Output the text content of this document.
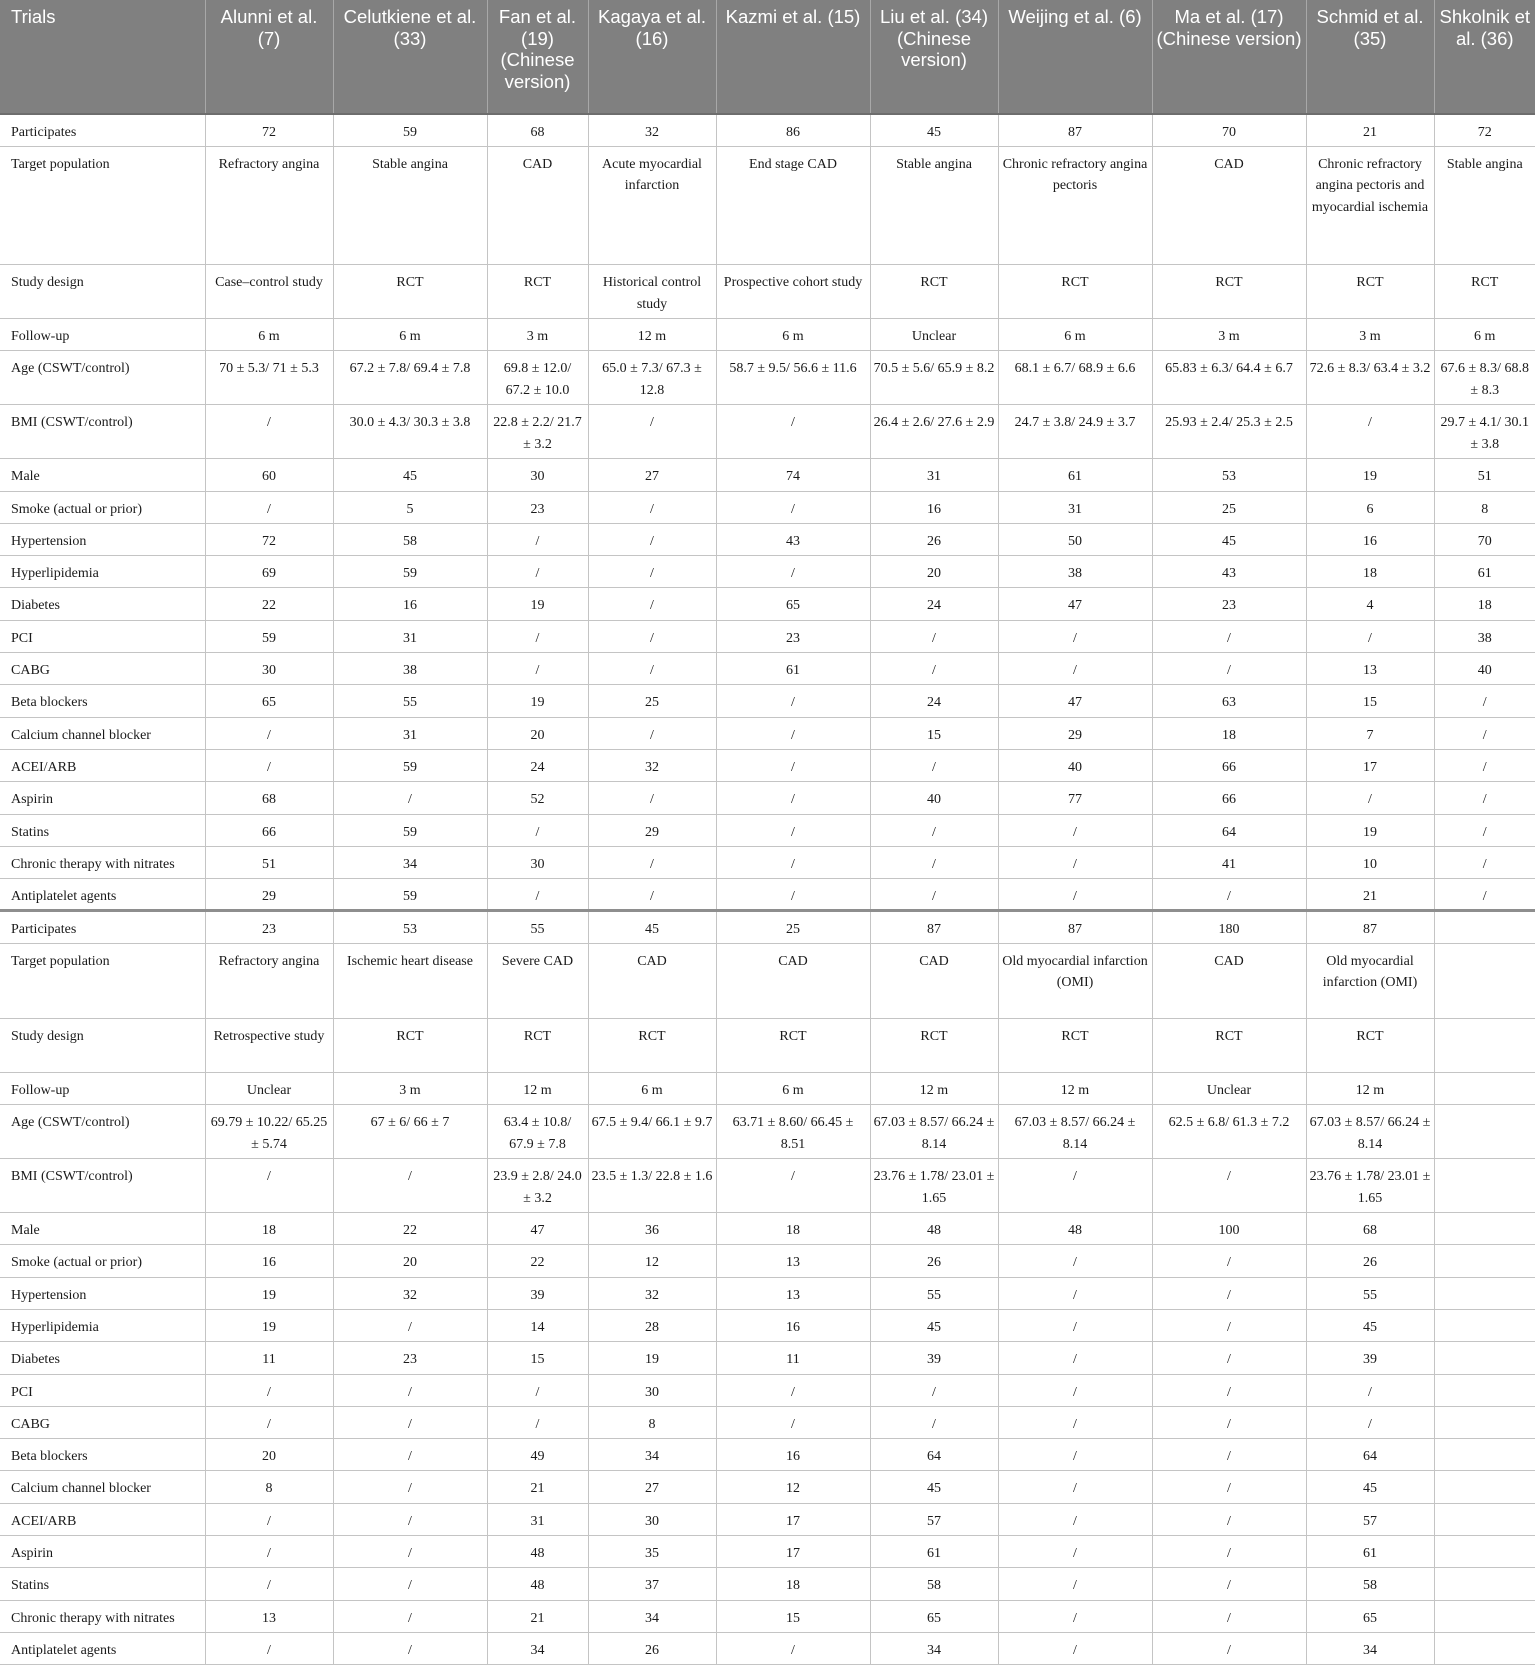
Trials	Alunni et al. (7)	Celutkiene et al. (33)	Fan et al. (19) (Chinese version)	Kagaya et al. (16)	Kazmi et al. (15)	Liu et al. (34) (Chinese version)	Weijing et al. (6)	Ma et al. (17) (Chinese version)	Schmid et al. (35)	Shkolnik et al. (36)
Participates	72	59	68	32	86	45	87	70	21	72
Target population	Refractory angina	Stable angina	CAD	Acute myocardial infarction	End stage CAD	Stable angina	Chronic refractory angina pectoris	CAD	Chronic refractory angina pectoris and myocardial ischemia	Stable angina
Study design	Case–control study	RCT	RCT	Historical control study	Prospective cohort study	RCT	RCT	RCT	RCT	RCT
Follow-up	6 m	6 m	3 m	12 m	6 m	Unclear	6 m	3 m	3 m	6 m
Age (CSWT/control)	70 ± 5.3/ 71 ± 5.3	67.2 ± 7.8/ 69.4 ± 7.8	69.8 ± 12.0/ 67.2 ± 10.0	65.0 ± 7.3/ 67.3 ± 12.8	58.7 ± 9.5/ 56.6 ± 11.6	70.5 ± 5.6/ 65.9 ± 8.2	68.1 ± 6.7/ 68.9 ± 6.6	65.83 ± 6.3/ 64.4 ± 6.7	72.6 ± 8.3/ 63.4 ± 3.2	67.6 ± 8.3/ 68.8 ± 8.3
BMI (CSWT/control)	/	30.0 ± 4.3/ 30.3 ± 3.8	22.8 ± 2.2/ 21.7 ± 3.2	/	/	26.4 ± 2.6/ 27.6 ± 2.9	24.7 ± 3.8/ 24.9 ± 3.7	25.93 ± 2.4/ 25.3 ± 2.5	/	29.7 ± 4.1/ 30.1 ± 3.8
Male	60	45	30	27	74	31	61	53	19	51
Smoke (actual or prior)	/	5	23	/	/	16	31	25	6	8
Hypertension	72	58	/	/	43	26	50	45	16	70
Hyperlipidemia	69	59	/	/	/	20	38	43	18	61
Diabetes	22	16	19	/	65	24	47	23	4	18
PCI	59	31	/	/	23	/	/	/	/	38
CABG	30	38	/	/	61	/	/	/	13	40
Beta blockers	65	55	19	25	/	24	47	63	15	/
Calcium channel blocker	/	31	20	/	/	15	29	18	7	/
ACEI/ARB	/	59	24	32	/	/	40	66	17	/
Aspirin	68	/	52	/	/	40	77	66	/	/
Statins	66	59	/	29	/	/	/	64	19	/
Chronic therapy with nitrates	51	34	30	/	/	/	/	41	10	/
Antiplatelet agents	29	59	/	/	/	/	/	/	21	/
Participates	23	53	55	45	25	87	87	180	87	
Target population	Refractory angina	Ischemic heart disease	Severe CAD	CAD	CAD	CAD	Old myocardial infarction (OMI)	CAD	Old myocardial infarction (OMI)	
Study design	Retrospective study	RCT	RCT	RCT	RCT	RCT	RCT	RCT	RCT	
Follow-up	Unclear	3 m	12 m	6 m	6 m	12 m	12 m	Unclear	12 m	
Age (CSWT/control)	69.79 ± 10.22/ 65.25 ± 5.74	67 ± 6/ 66 ± 7	63.4 ± 10.8/ 67.9 ± 7.8	67.5 ± 9.4/ 66.1 ± 9.7	63.71 ± 8.60/ 66.45 ± 8.51	67.03 ± 8.57/ 66.24 ± 8.14	67.03 ± 8.57/ 66.24 ± 8.14	62.5 ± 6.8/ 61.3 ± 7.2	67.03 ± 8.57/ 66.24 ± 8.14	
BMI (CSWT/control)	/	/	23.9 ± 2.8/ 24.0 ± 3.2	23.5 ± 1.3/ 22.8 ± 1.6	/	23.76 ± 1.78/ 23.01 ± 1.65	/	/	23.76 ± 1.78/ 23.01 ± 1.65	
Male	18	22	47	36	18	48	48	100	68	
Smoke (actual or prior)	16	20	22	12	13	26	/	/	26	
Hypertension	19	32	39	32	13	55	/	/	55	
Hyperlipidemia	19	/	14	28	16	45	/	/	45	
Diabetes	11	23	15	19	11	39	/	/	39	
PCI	/	/	/	30	/	/	/	/	/	
CABG	/	/	/	8	/	/	/	/	/	
Beta blockers	20	/	49	34	16	64	/	/	64	
Calcium channel blocker	8	/	21	27	12	45	/	/	45	
ACEI/ARB	/	/	31	30	17	57	/	/	57	
Aspirin	/	/	48	35	17	61	/	/	61	
Statins	/	/	48	37	18	58	/	/	58	
Chronic therapy with nitrates	13	/	21	34	15	65	/	/	65	
Antiplatelet agents	/	/	34	26	/	34	/	/	34	
